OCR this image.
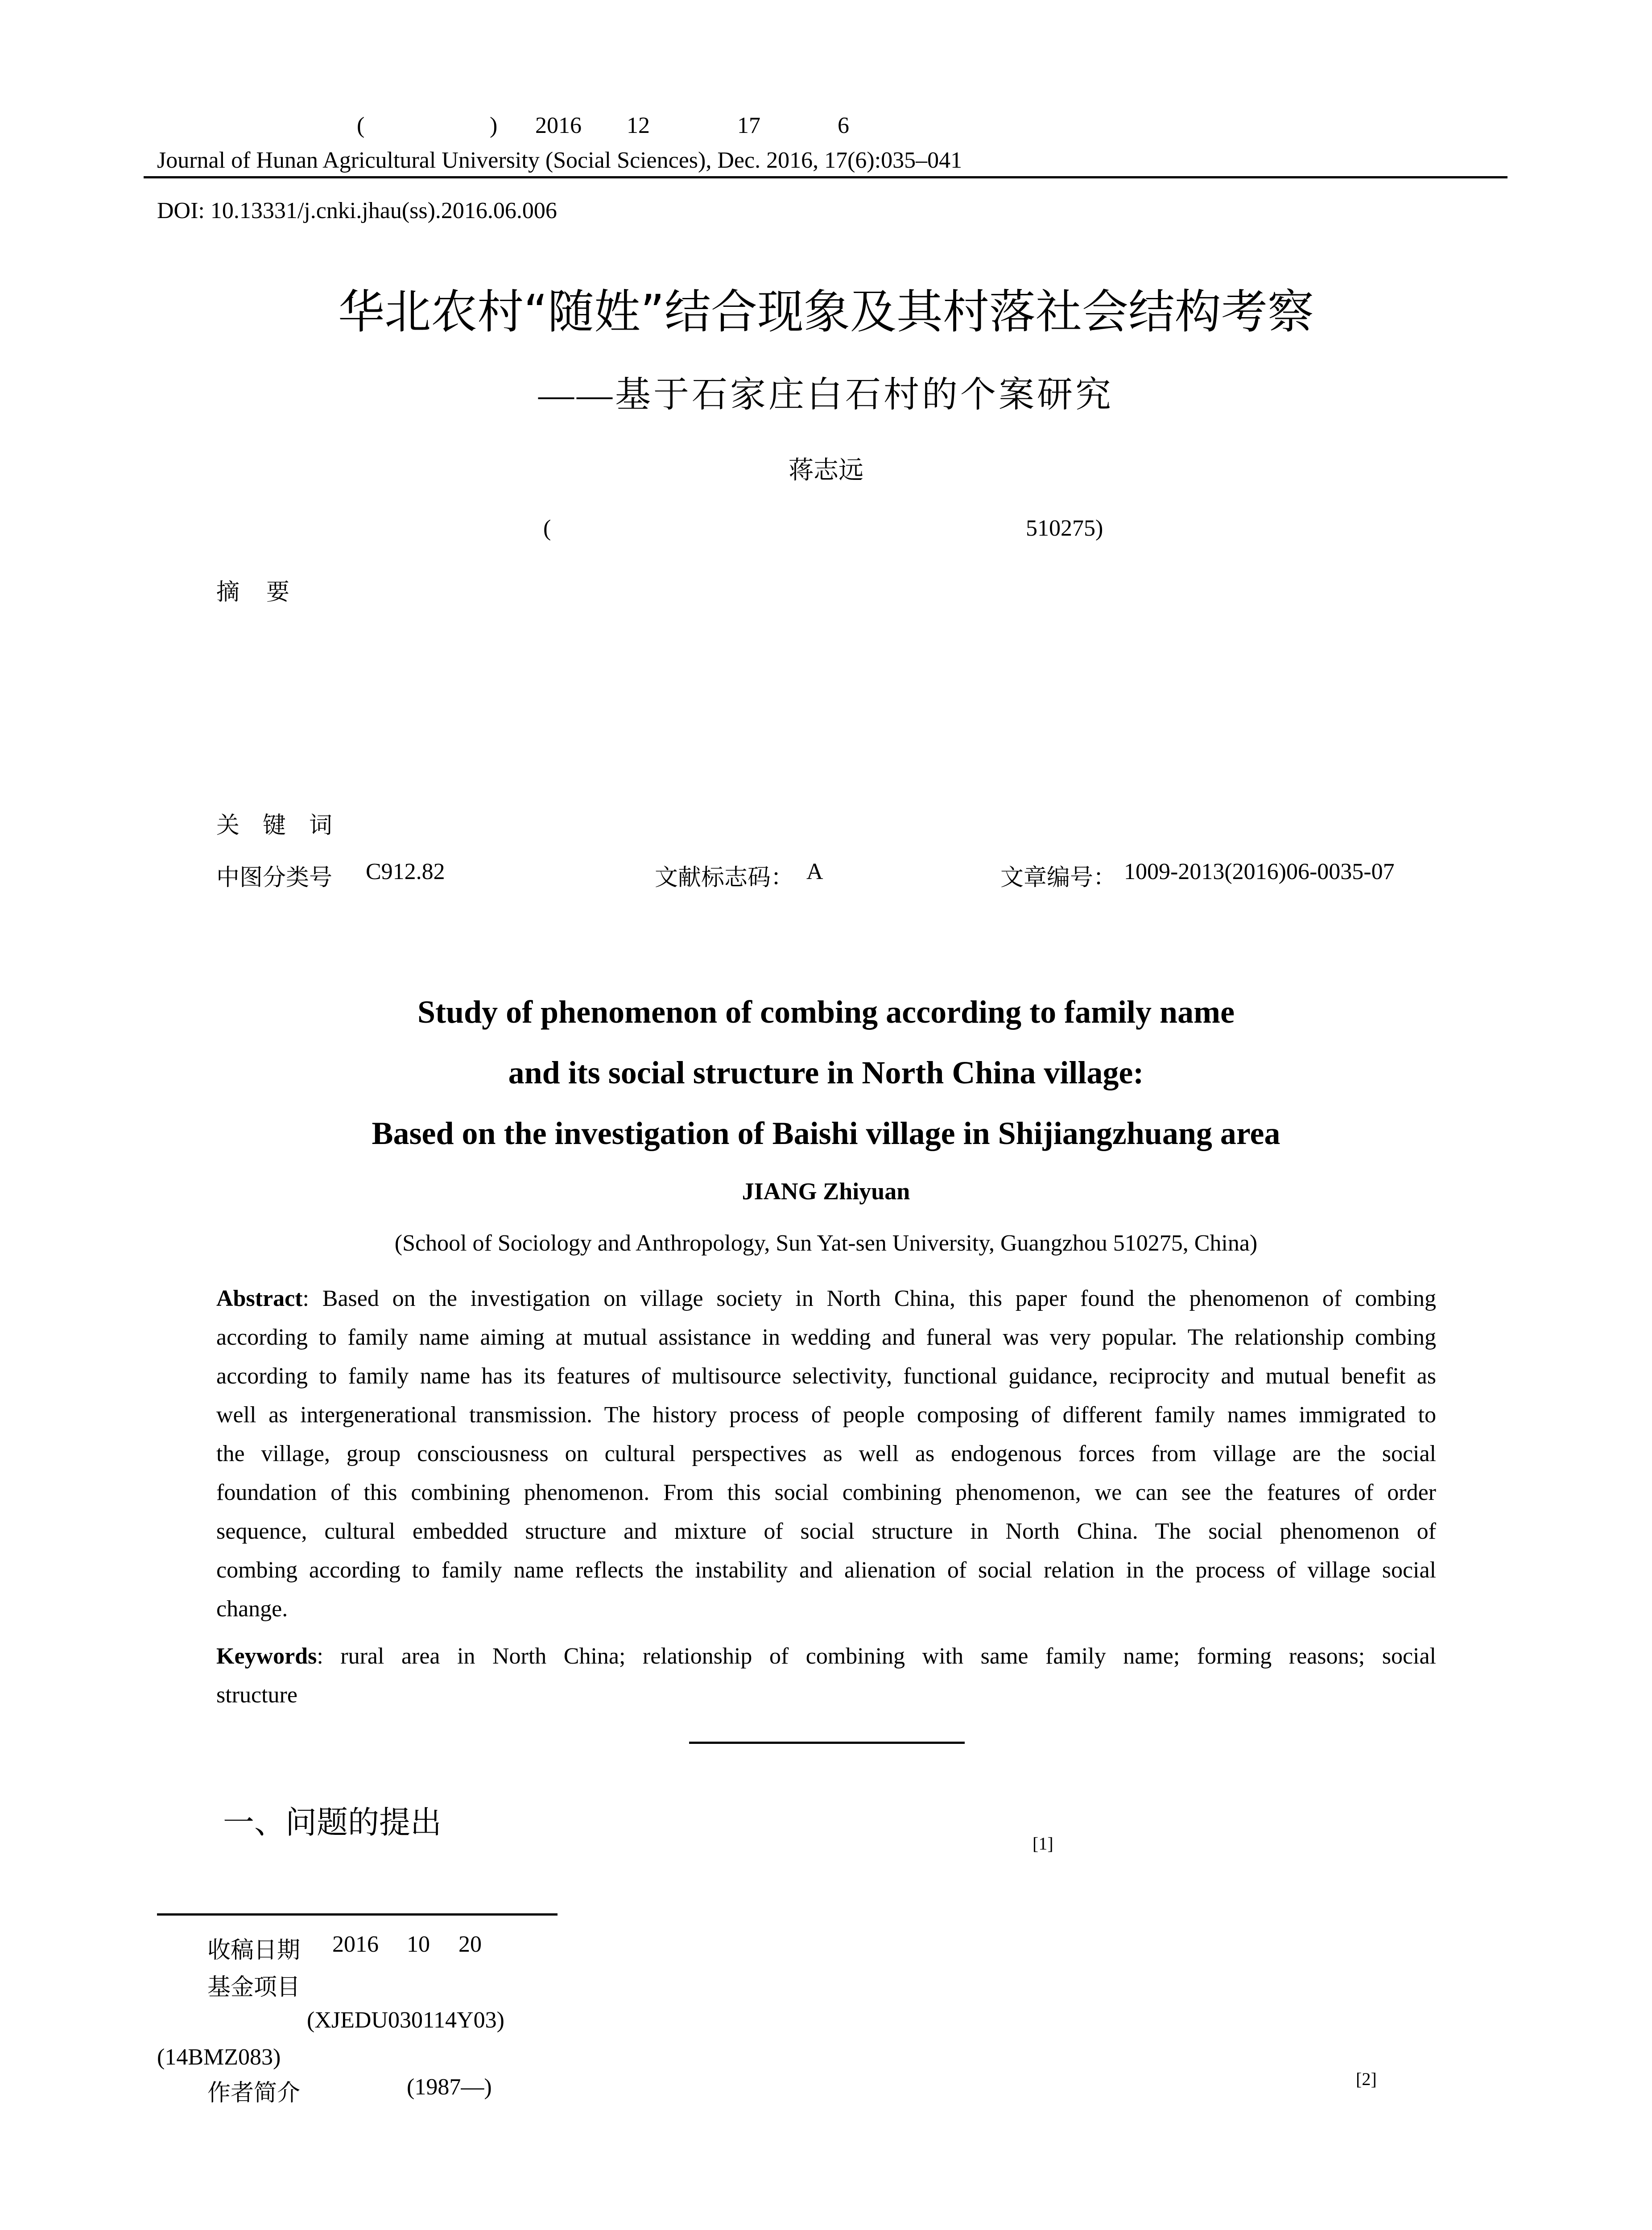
(	) 2016 12	17	6
Journal of Hunan Agricultural University (Social Sciences), Dec. 2016, 17(6):035–041
DOI: 10.13331/j.cnki.jhau(ss).2016.06.006
华北农村“随姓”结合现象及其村落社会结构考察
——基于石家庄白石村的个案研究
蒋志远
(	510275)
摘　要
关　键　词
中图分类号 C912.82	文献标志码： A	文章编号： 1009-2013(2016)06-0035-07
Study of phenomenon of combing according to family name
and its social structure in North China village:
Based on the investigation of Baishi village in Shijiangzhuang area
JIANG Zhiyuan
(School of Sociology and Anthropology, Sun Yat-sen University, Guangzhou 510275, China)
Abstract: Based on the investigation on village society in North China, this paper found the phenomenon of combing
according to family name aiming at mutual assistance in wedding and funeral was very popular. The relationship combing
according to family name has its features of multisource selectivity, functional guidance, reciprocity and mutual benefit as
well as intergenerational transmission. The history process of people composing of different family names immigrated to
the village, group consciousness on cultural perspectives as well as endogenous forces from village are the social
foundation of this combining phenomenon. From this social combining phenomenon, we can see the features of order
sequence, cultural embedded structure and mixture of social structure in North China. The social phenomenon of
combing according to family name reflects the instability and alienation of social relation in the process of village social
change.
Keywords: rural area in North China; relationship of combining with same family name; forming reasons; social
structure
一、问题的提出
[1]
收稿日期 2016 10 20
基金项目
(XJEDU030114Y03)
(14BMZ083)
作者简介	(1987—)	[2]
